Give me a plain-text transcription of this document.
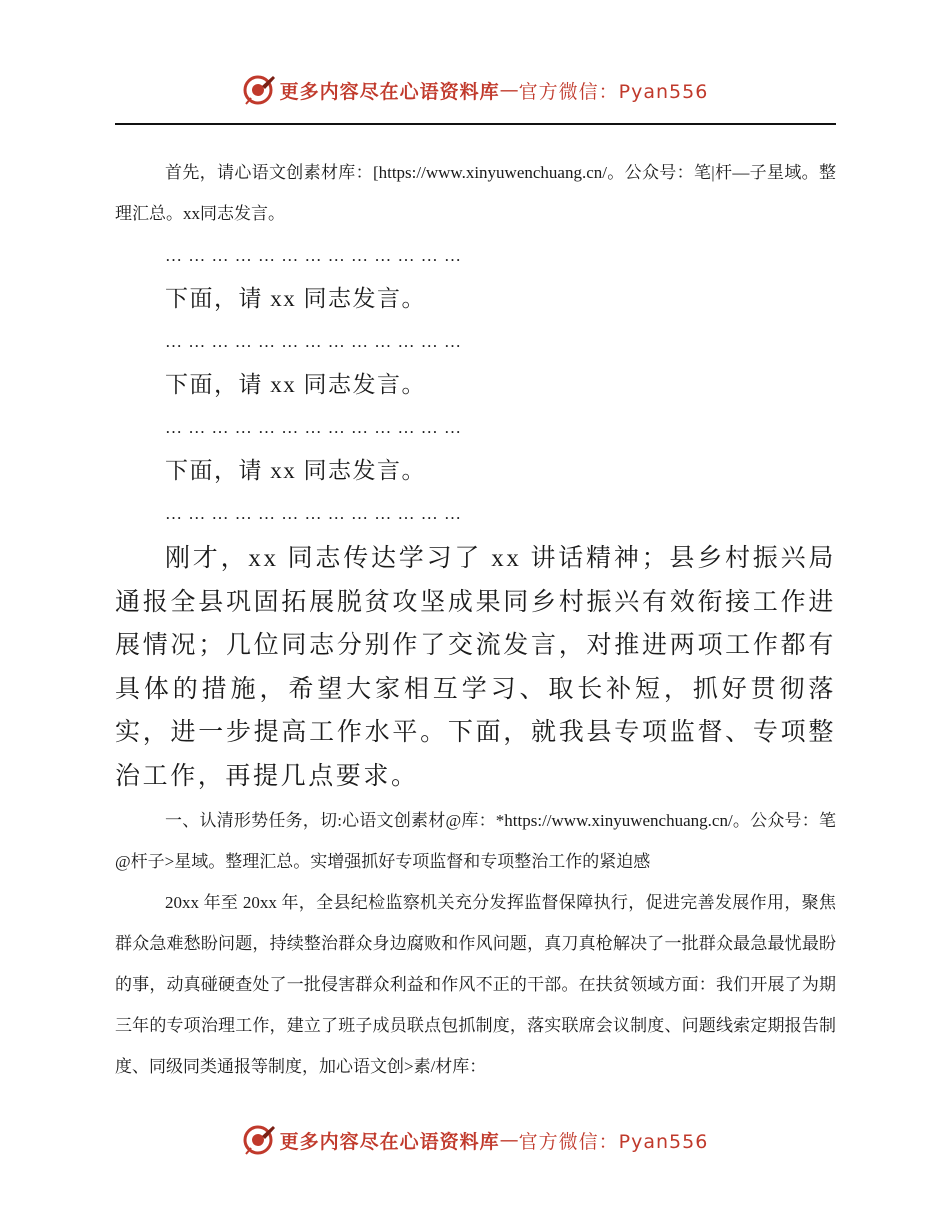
更多内容尽在心语资料库 — 官方微信：Pyan556

首先，请心语文创素材库：[https://www.xinyuwenchuang.cn/。公众号：笔|杆—子星域。整理汇总。xx同志发言。

… … … … … … … … … … … … …

下面，请 xx 同志发言。

… … … … … … … … … … … … …

下面，请 xx 同志发言。

… … … … … … … … … … … … …

下面，请 xx 同志发言。

… … … … … … … … … … … … …

刚才，xx 同志传达学习了 xx 讲话精神；县乡村振兴局通报全县巩固拓展脱贫攻坚成果同乡村振兴有效衔接工作进展情况；几位同志分别作了交流发言，对推进两项工作都有具体的措施，希望大家相互学习、取长补短，抓好贯彻落实，进一步提高工作水平。下面，就我县专项监督、专项整治工作，再提几点要求。

一、认清形势任务，切:心语文创素材@库：*https://www.xinyuwenchuang.cn/。公众号：笔@杆子>星域。整理汇总。实增强抓好专项监督和专项整治工作的紧迫感

20xx 年至 20xx 年，全县纪检监察机关充分发挥监督保障执行，促进完善发展作用，聚焦群众急难愁盼问题，持续整治群众身边腐败和作风问题，真刀真枪解决了一批群众最急最忧最盼的事，动真碰硬查处了一批侵害群众利益和作风不正的干部。在扶贫领域方面：我们开展了为期三年的专项治理工作，建立了班子成员联点包抓制度，落实联席会议制度、问题线索定期报告制度、同级同类通报等制度，加心语文创>素/材库：

更多内容尽在心语资料库 — 官方微信：Pyan556
